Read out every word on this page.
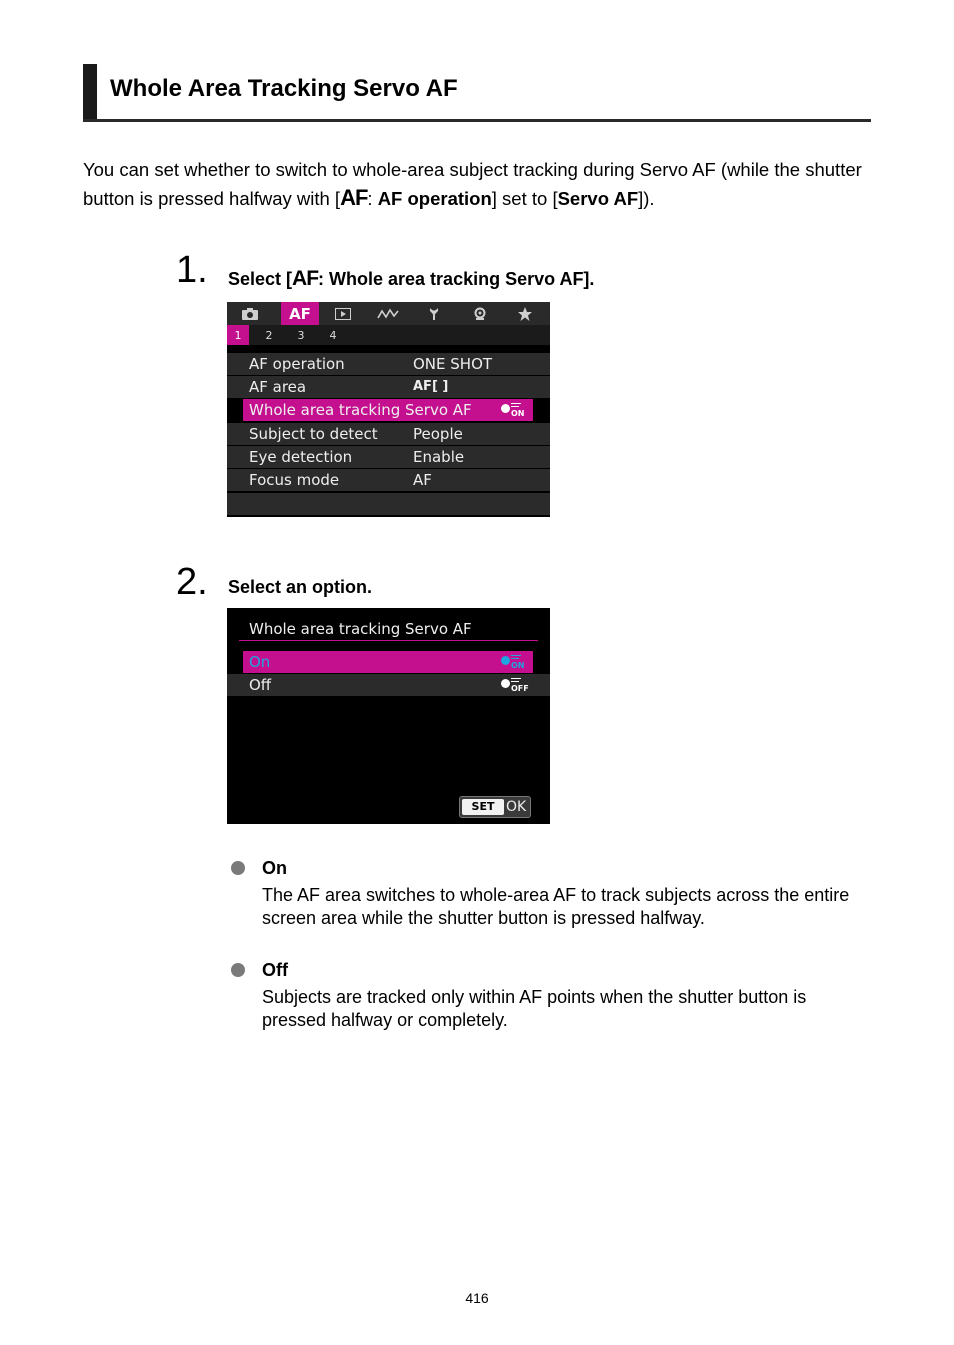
Whole Area Tracking Servo AF
You can set whether to switch to whole-area subject tracking during Servo AF (while the shutter button is pressed halfway with [AF: AF operation] set to [Servo AF]).
1. Select [AF: Whole area tracking Servo AF].
AF
1	2	3	4
AF operation	ONE SHOT
AF area	AF[ ]
Whole area tracking Servo AF	ON
Subject to detect People
Eye detection	Enable
Focus mode	AF
2. Select an option.
Whole area tracking Servo AF
On	ON
Off	OFF
SET OK
On
The AF area switches to whole-area AF to track subjects across the entire screen area while the shutter button is pressed halfway.
Off
Subjects are tracked only within AF points when the shutter button is pressed halfway or completely.
416
